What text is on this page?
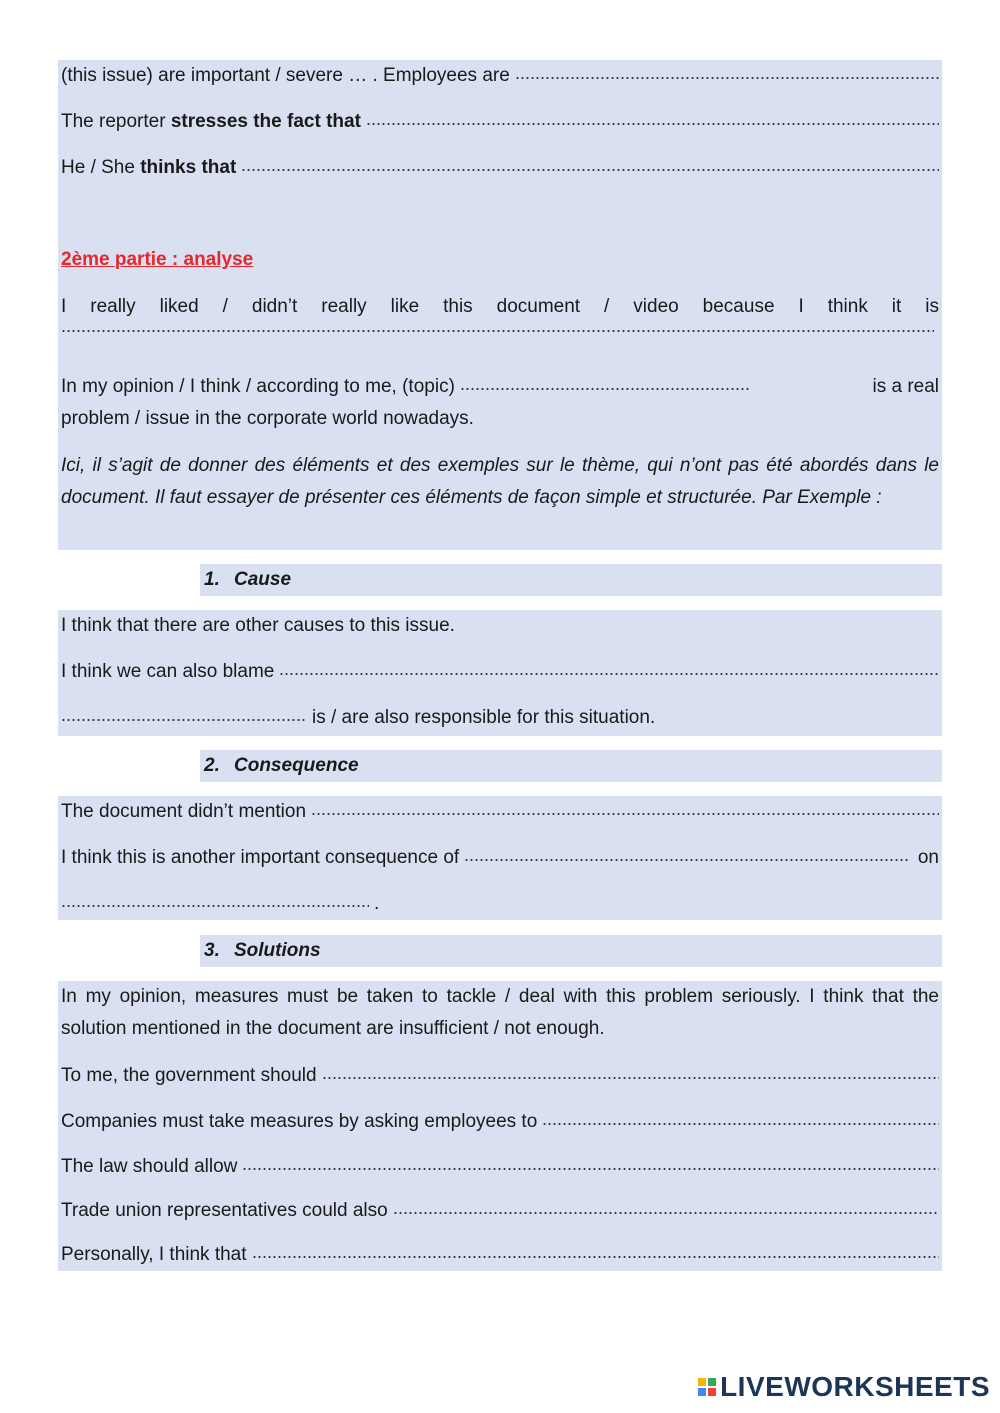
(this issue) are important / severe … . Employees are
The reporter stresses the fact that
He / She thinks that
2ème partie : analyse
I really liked / didn’t really like this document / video because I think it is
In my opinion / I think / according to me, (topic)	is a real
problem / issue in the corporate world nowadays.
Ici, il s’agit de donner des éléments et des exemples sur le thème, qui n’ont pas été abordés dans le document. Il faut essayer de présenter ces éléments de façon simple et structurée. Par Exemple :
1. Cause
I think that there are other causes to this issue.
I think we can also blame
is / are also responsible for this situation.
2. Consequence
The document didn’t mention
I think this is another important consequence of	on
.
3. Solutions
In my opinion, measures must be taken to tackle / deal with this problem seriously. I think that the solution mentioned in the document are insufficient / not enough.
To me, the government should
Companies must take measures by asking employees to
The law should allow
Trade union representatives could also
Personally, I think that
LIVEWORKSHEETS
